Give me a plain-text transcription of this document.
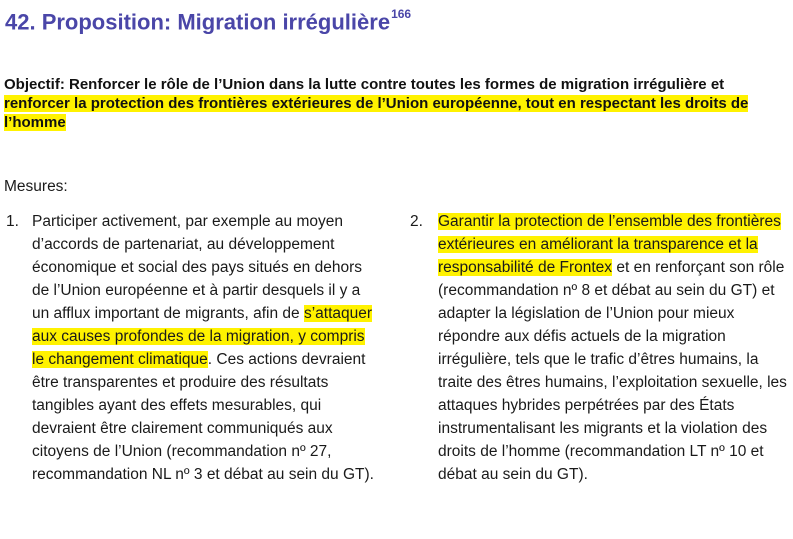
42. Proposition: Migration irrégulière$^{166}$

Objectif: Renforcer le rôle de l’Union dans la lutte contre toutes les formes de migration irrégulière et renforcer la protection des frontières extérieures de l’Union européenne, tout en respectant les droits de l’homme

Mesures:

1. Participer activement, par exemple au moyen d’accords de partenariat, au développement économique et social des pays situés en dehors de l’Union européenne et à partir desquels il y a un afflux important de migrants, afin de s’attaquer aux causes profondes de la migration, y compris le changement climatique. Ces actions devraient être transparentes et produire des résultats tangibles ayant des effets mesurables, qui devraient être clairement communiqués aux citoyens de l’Union (recommandation nº 27, recommandation NL nº 3 et débat au sein du GT).
2. Garantir la protection de l’ensemble des frontières extérieures en améliorant la transparence et la responsabilité de Frontex et en renforçant son rôle (recommandation nº 8 et débat au sein du GT) et adapter la législation de l’Union pour mieux répondre aux défis actuels de la migration irrégulière, tels que le trafic d’êtres humains, la traite des êtres humains, l’exploitation sexuelle, les attaques hybrides perpétrées par des États instrumentalisant les migrants et la violation des droits de l’homme (recommandation LT nº 10 et débat au sein du GT).
